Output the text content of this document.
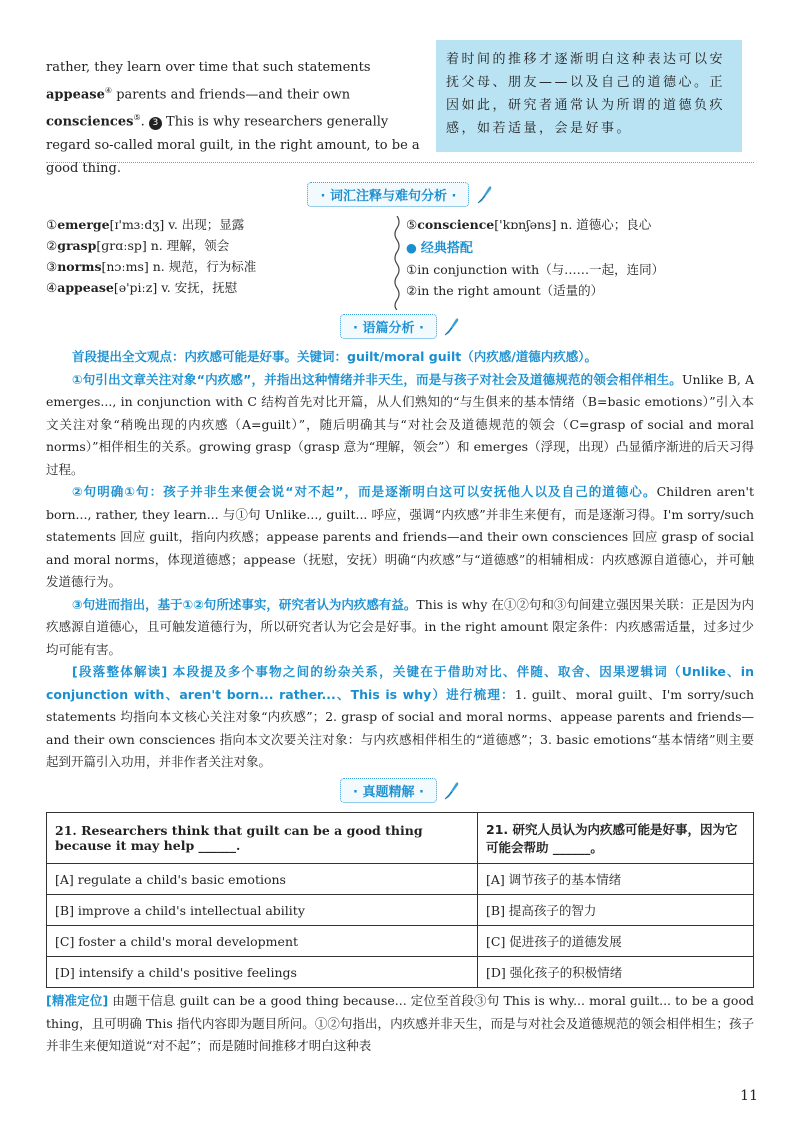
rather, they learn over time that such statements appease④ parents and friends—and their own consciences⑤. 3 This is why researchers generally regard so-called moral guilt, in the right amount, to be a good thing.
着时间的推移才逐渐明白这种表达可以安抚父母、朋友——以及自己的道德心。正因如此，研究者通常认为所谓的道德负疚感，如若适量，会是好事。
· 词汇注释与难句分析 ·
①emerge[ɪ'mɜːdʒ] v. 出现；显露
②grasp[ɡrɑːsp] n. 理解，领会
③norms[nɔːms] n. 规范，行为标准
④appease[ə'piːz] v. 安抚，抚慰
⑤conscience['kɒnʃəns] n. 道德心；良心
● 经典搭配
①in conjunction with（与……一起，连同）
②in the right amount（适量的）
· 语篇分析 ·
首段提出全文观点：内疚感可能是好事。关键词：guilt/moral guilt（内疚感/道德内疚感）。
①句引出文章关注对象“内疚感”，并指出这种情绪并非天生，而是与孩子对社会及道德规范的领会相伴相生。Unlike B, A emerges..., in conjunction with C 结构首先对比开篇，从人们熟知的“与生俱来的基本情绪（B=basic emotions）”引入本文关注对象“稍晚出现的内疚感（A=guilt）”，随后明确其与“对社会及道德规范的领会（C=grasp of social and moral norms）”相伴相生的关系。growing grasp（grasp 意为“理解，领会”）和 emerges（浮现，出现）凸显循序渐进的后天习得过程。
②句明确①句：孩子并非生来便会说“对不起”，而是逐渐明白这可以安抚他人以及自己的道德心。Children aren't born..., rather, they learn... 与①句 Unlike..., guilt... 呼应，强调“内疚感”并非生来便有，而是逐渐习得。I'm sorry/such statements 回应 guilt，指向内疚感；appease parents and friends—and their own consciences 回应 grasp of social and moral norms，体现道德感；appease（抚慰，安抚）明确“内疚感”与“道德感”的相辅相成：内疚感源自道德心，并可触发道德行为。
③句进而指出，基于①②句所述事实，研究者认为内疚感有益。This is why 在①②句和③句间建立强因果关联：正是因为内疚感源自道德心，且可触发道德行为，所以研究者认为它会是好事。in the right amount 限定条件：内疚感需适量，过多过少均可能有害。
[段落整体解读] 本段提及多个事物之间的纷杂关系，关键在于借助对比、伴随、取舍、因果逻辑词（Unlike、in conjunction with、aren't born... rather...、This is why）进行梳理：1. guilt、moral guilt、I'm sorry/such statements 均指向本文核心关注对象“内疚感”；2. grasp of social and moral norms、appease parents and friends—and their own consciences 指向本文次要关注对象：与内疚感相伴相生的“道德感”；3. basic emotions“基本情绪”则主要起到开篇引入功用，并非作者关注对象。
· 真题精解 ·
21. Researchers think that guilt can be a good thing because it may help ______.	21. 研究人员认为内疚感可能是好事，因为它可能会帮助 ______。
[A] regulate a child's basic emotions	[A] 调节孩子的基本情绪
[B] improve a child's intellectual ability	[B] 提高孩子的智力
[C] foster a child's moral development	[C] 促进孩子的道德发展
[D] intensify a child's positive feelings	[D] 强化孩子的积极情绪
[精准定位] 由题干信息 guilt can be a good thing because... 定位至首段③句 This is why... moral guilt... to be a good thing，且可明确 This 指代内容即为题目所问。①②句指出，内疚感并非天生，而是与对社会及道德规范的领会相伴相生；孩子并非生来便知道说“对不起”；而是随时间推移才明白这种表
11
